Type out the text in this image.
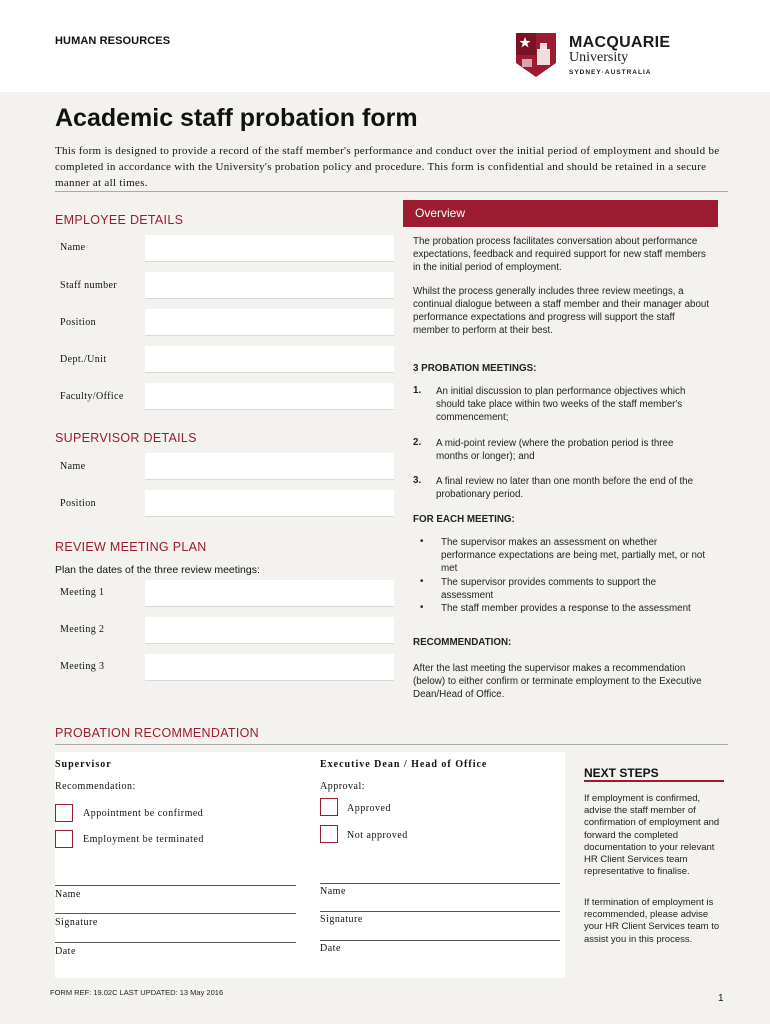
HUMAN RESOURCES	MACQUARIE
University
SYDNEY·AUSTRALIA
Academic staff probation form
This form is designed to provide a record of the staff member's performance and conduct over the initial period of employment and should be completed in accordance with the University's probation policy and procedure. This form is confidential and should be retained in a secure manner at all times.
EMPLOYEE DETAILS
Name
Staff number
Position
Dept./Unit
Faculty/Office
SUPERVISOR DETAILS
Name
Position
REVIEW MEETING PLAN
Plan the dates of the three review meetings:
Meeting 1
Meeting 2
Meeting 3
Overview
The probation process facilitates conversation about performance expectations, feedback and required support for new staff members in the initial period of employment.
Whilst the process generally includes three review meetings, a continual dialogue between a staff member and their manager about performance expectations and progress will support the staff member to perform at their best.
3 PROBATION MEETINGS:
1. An initial discussion to plan performance objectives which should take place within two weeks of the staff member's commencement;
2. A mid-point review (where the probation period is three months or longer); and
3. A final review no later than one month before the end of the probationary period.
FOR EACH MEETING:
• The supervisor makes an assessment on whether performance expectations are being met, partially met, or not met
• The supervisor provides comments to support the assessment
• The staff member provides a response to the assessment
RECOMMENDATION:
After the last meeting the supervisor makes a recommendation (below) to either confirm or terminate employment to the Executive Dean/Head of Office.
PROBATION RECOMMENDATION
Supervisor
Recommendation:
Appointment be confirmed
Employment be terminated
Name
Signature
Date
Executive Dean / Head of Office
Approval:
Approved
Not approved
Name
Signature
Date
NEXT STEPS
If employment is confirmed, advise the staff member of confirmation of employment and forward the completed documentation to your relevant HR Client Services team representative to finalise.
If termination of employment is recommended, please advise your HR Client Services team to assist you in this process.
FORM REF: 19.02C LAST UPDATED: 13 May 2016
1
